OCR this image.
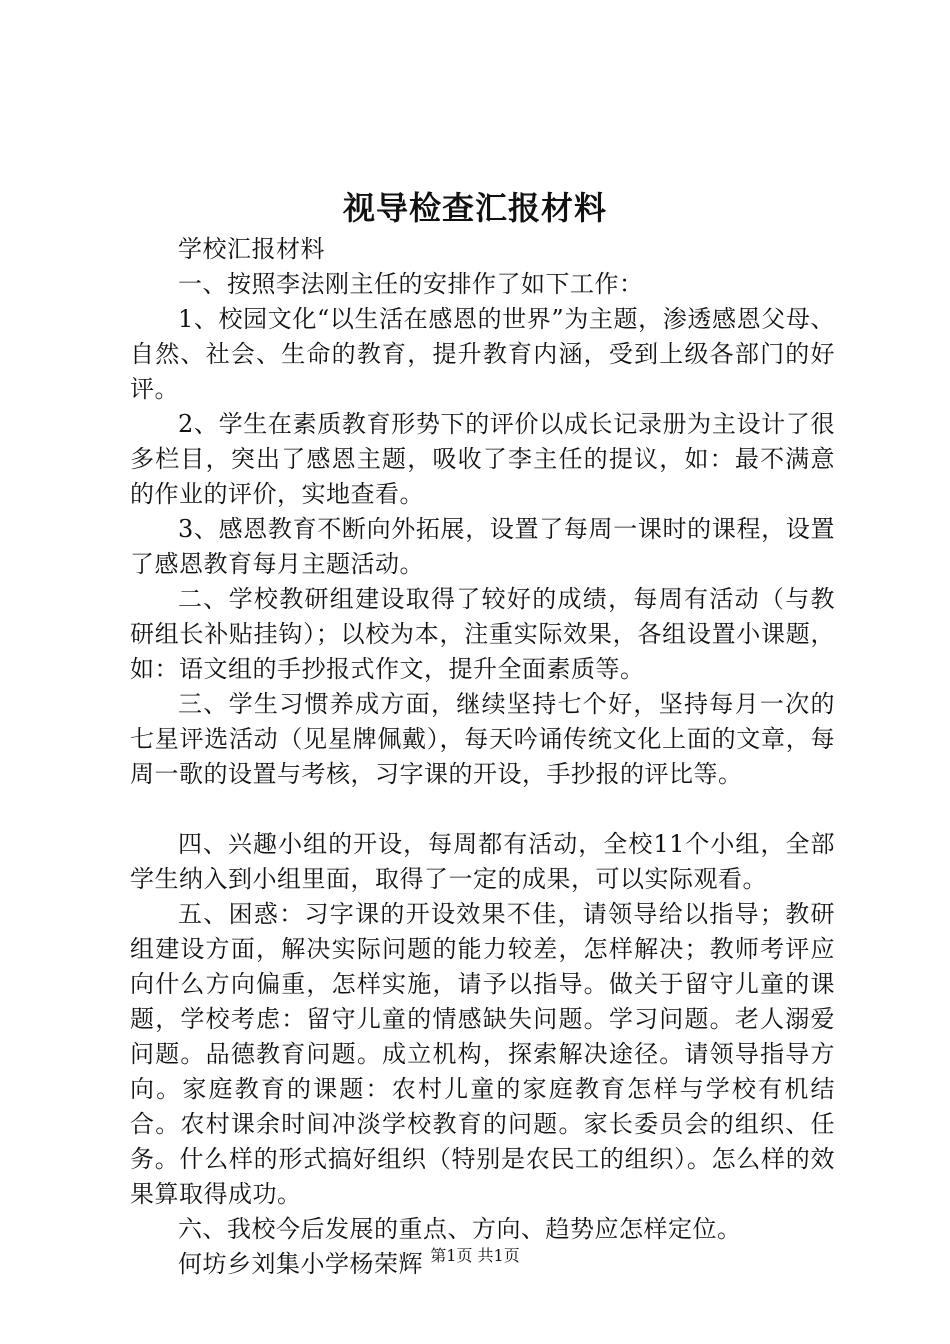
视导检查汇报材料

学校汇报材料

一、按照李法刚主任的安排作了如下工作：

1、校园文化“以生活在感恩的世界”为主题，渗透感恩父母、自然、社会、生命的教育，提升教育内涵，受到上级各部门的好评。

2、学生在素质教育形势下的评价以成长记录册为主设计了很多栏目，突出了感恩主题，吸收了李主任的提议，如：最不满意的作业的评价，实地查看。

3、感恩教育不断向外拓展，设置了每周一课时的课程，设置了感恩教育每月主题活动。

二、学校教研组建设取得了较好的成绩，每周有活动（与教研组长补贴挂钩）；以校为本，注重实际效果，各组设置小课题，如：语文组的手抄报式作文，提升全面素质等。

三、学生习惯养成方面，继续坚持七个好，坚持每月一次的七星评选活动（见星牌佩戴），每天吟诵传统文化上面的文章，每周一歌的设置与考核，习字课的开设，手抄报的评比等。

四、兴趣小组的开设，每周都有活动，全校11个小组，全部学生纳入到小组里面，取得了一定的成果，可以实际观看。

五、困惑：习字课的开设效果不佳，请领导给以指导；教研组建设方面，解决实际问题的能力较差，怎样解决；教师考评应向什么方向偏重，怎样实施，请予以指导。做关于留守儿童的课题，学校考虑：留守儿童的情感缺失问题。学习问题。老人溺爱问题。品德教育问题。成立机构，探索解决途径。请领导指导方向。家庭教育的课题：农村儿童的家庭教育怎样与学校有机结合。农村课余时间冲淡学校教育的问题。家长委员会的组织、任务。什么样的形式搞好组织（特别是农民工的组织）。怎么样的效果算取得成功。

六、我校今后发展的重点、方向、趋势应怎样定位。

何坊乡刘集小学杨荣辉 第1页 共1页
